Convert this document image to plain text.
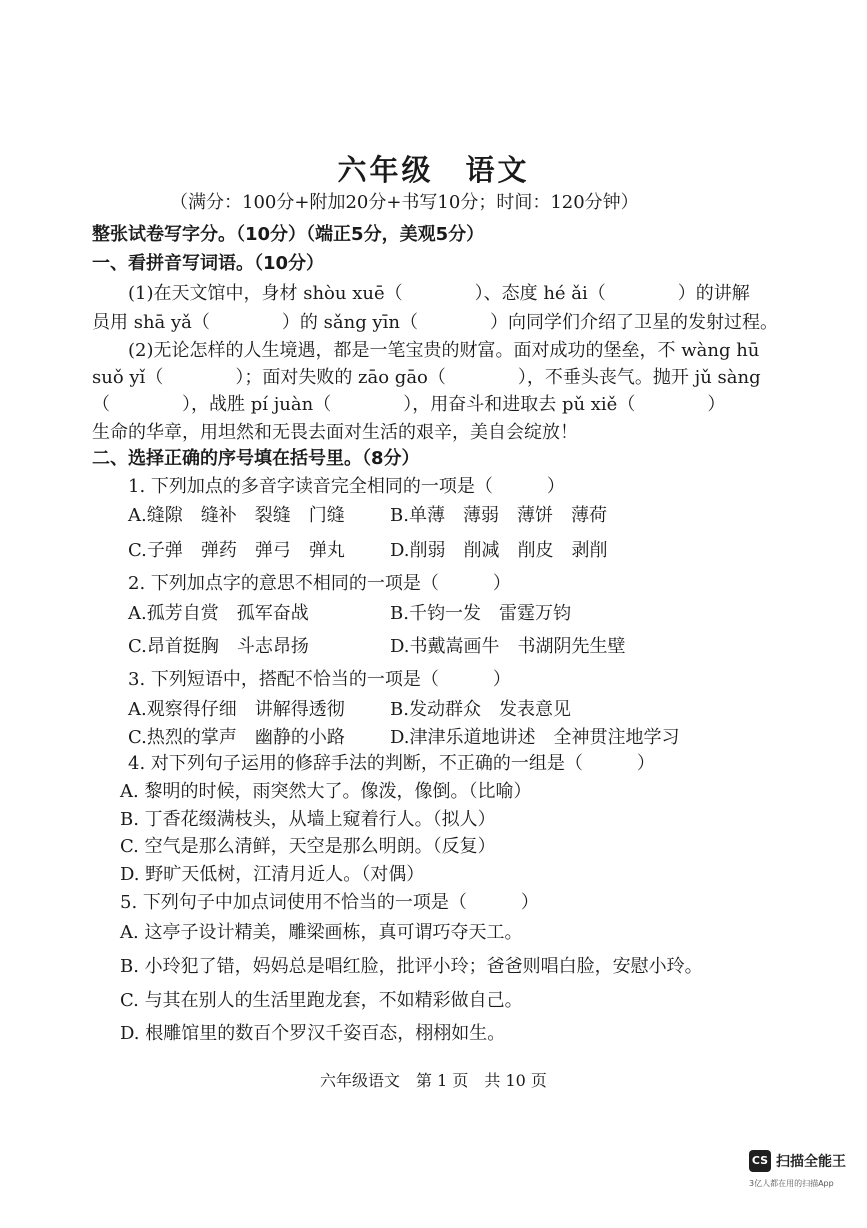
六年级　语文
（满分：100分+附加20分+书写10分；时间：120分钟）
整张试卷写字分。（10分）（端正5分，美观5分）
一、看拼音写词语。（10分）
(1)在天文馆中，身材 shòu xuē（　　　　）、态度 hé ǎi（　　　　）的讲解
员用 shā yǎ（　　　　）的 sǎng yīn（　　　　）向同学们介绍了卫星的发射过程。
(2)无论怎样的人生境遇，都是一笔宝贵的财富。面对成功的堡垒，不 wàng hū
suǒ yǐ（　　　　）；面对失败的 zāo gāo（　　　　），不垂头丧气。抛开 jǔ sàng
（　　　　），战胜 pí juàn（　　　　），用奋斗和进取去 pǔ xiě（　　　　）
生命的华章，用坦然和无畏去面对生活的艰辛，美自会绽放！
二、选择正确的序号填在括号里。（8分）
1. 下列加点的多音字读音完全相同的一项是（　　　）
A.缝隙　缝补　裂缝　门缝	B.单薄　薄弱　薄饼　薄荷
C.子弹　弹药　弹弓　弹丸	D.削弱　削减　削皮　剥削
2. 下列加点字的意思不相同的一项是（　　　）
A.孤芳自赏　孤军奋战	B.千钧一发　雷霆万钧
C.昂首挺胸　斗志昂扬	D.书戴嵩画牛　书湖阴先生壁
3. 下列短语中，搭配不恰当的一项是（　　　）
A.观察得仔细　讲解得透彻	B.发动群众　发表意见
C.热烈的掌声　幽静的小路	D.津津乐道地讲述　全神贯注地学习
4. 对下列句子运用的修辞手法的判断，不正确的一组是（　　　）
A. 黎明的时候，雨突然大了。像泼，像倒。（比喻）
B. 丁香花缀满枝头，从墙上窥着行人。（拟人）
C. 空气是那么清鲜，天空是那么明朗。（反复）
D. 野旷天低树，江清月近人。（对偶）
5. 下列句子中加点词使用不恰当的一项是（　　　）
A. 这亭子设计精美，雕梁画栋，真可谓巧夺天工。
B. 小玲犯了错，妈妈总是唱红脸，批评小玲；爸爸则唱白脸，安慰小玲。
C. 与其在别人的生活里跑龙套，不如精彩做自己。
D. 根雕馆里的数百个罗汉千姿百态，栩栩如生。
六年级语文　第 1 页　共 10 页
CS 扫描全能王
3亿人都在用的扫描App
